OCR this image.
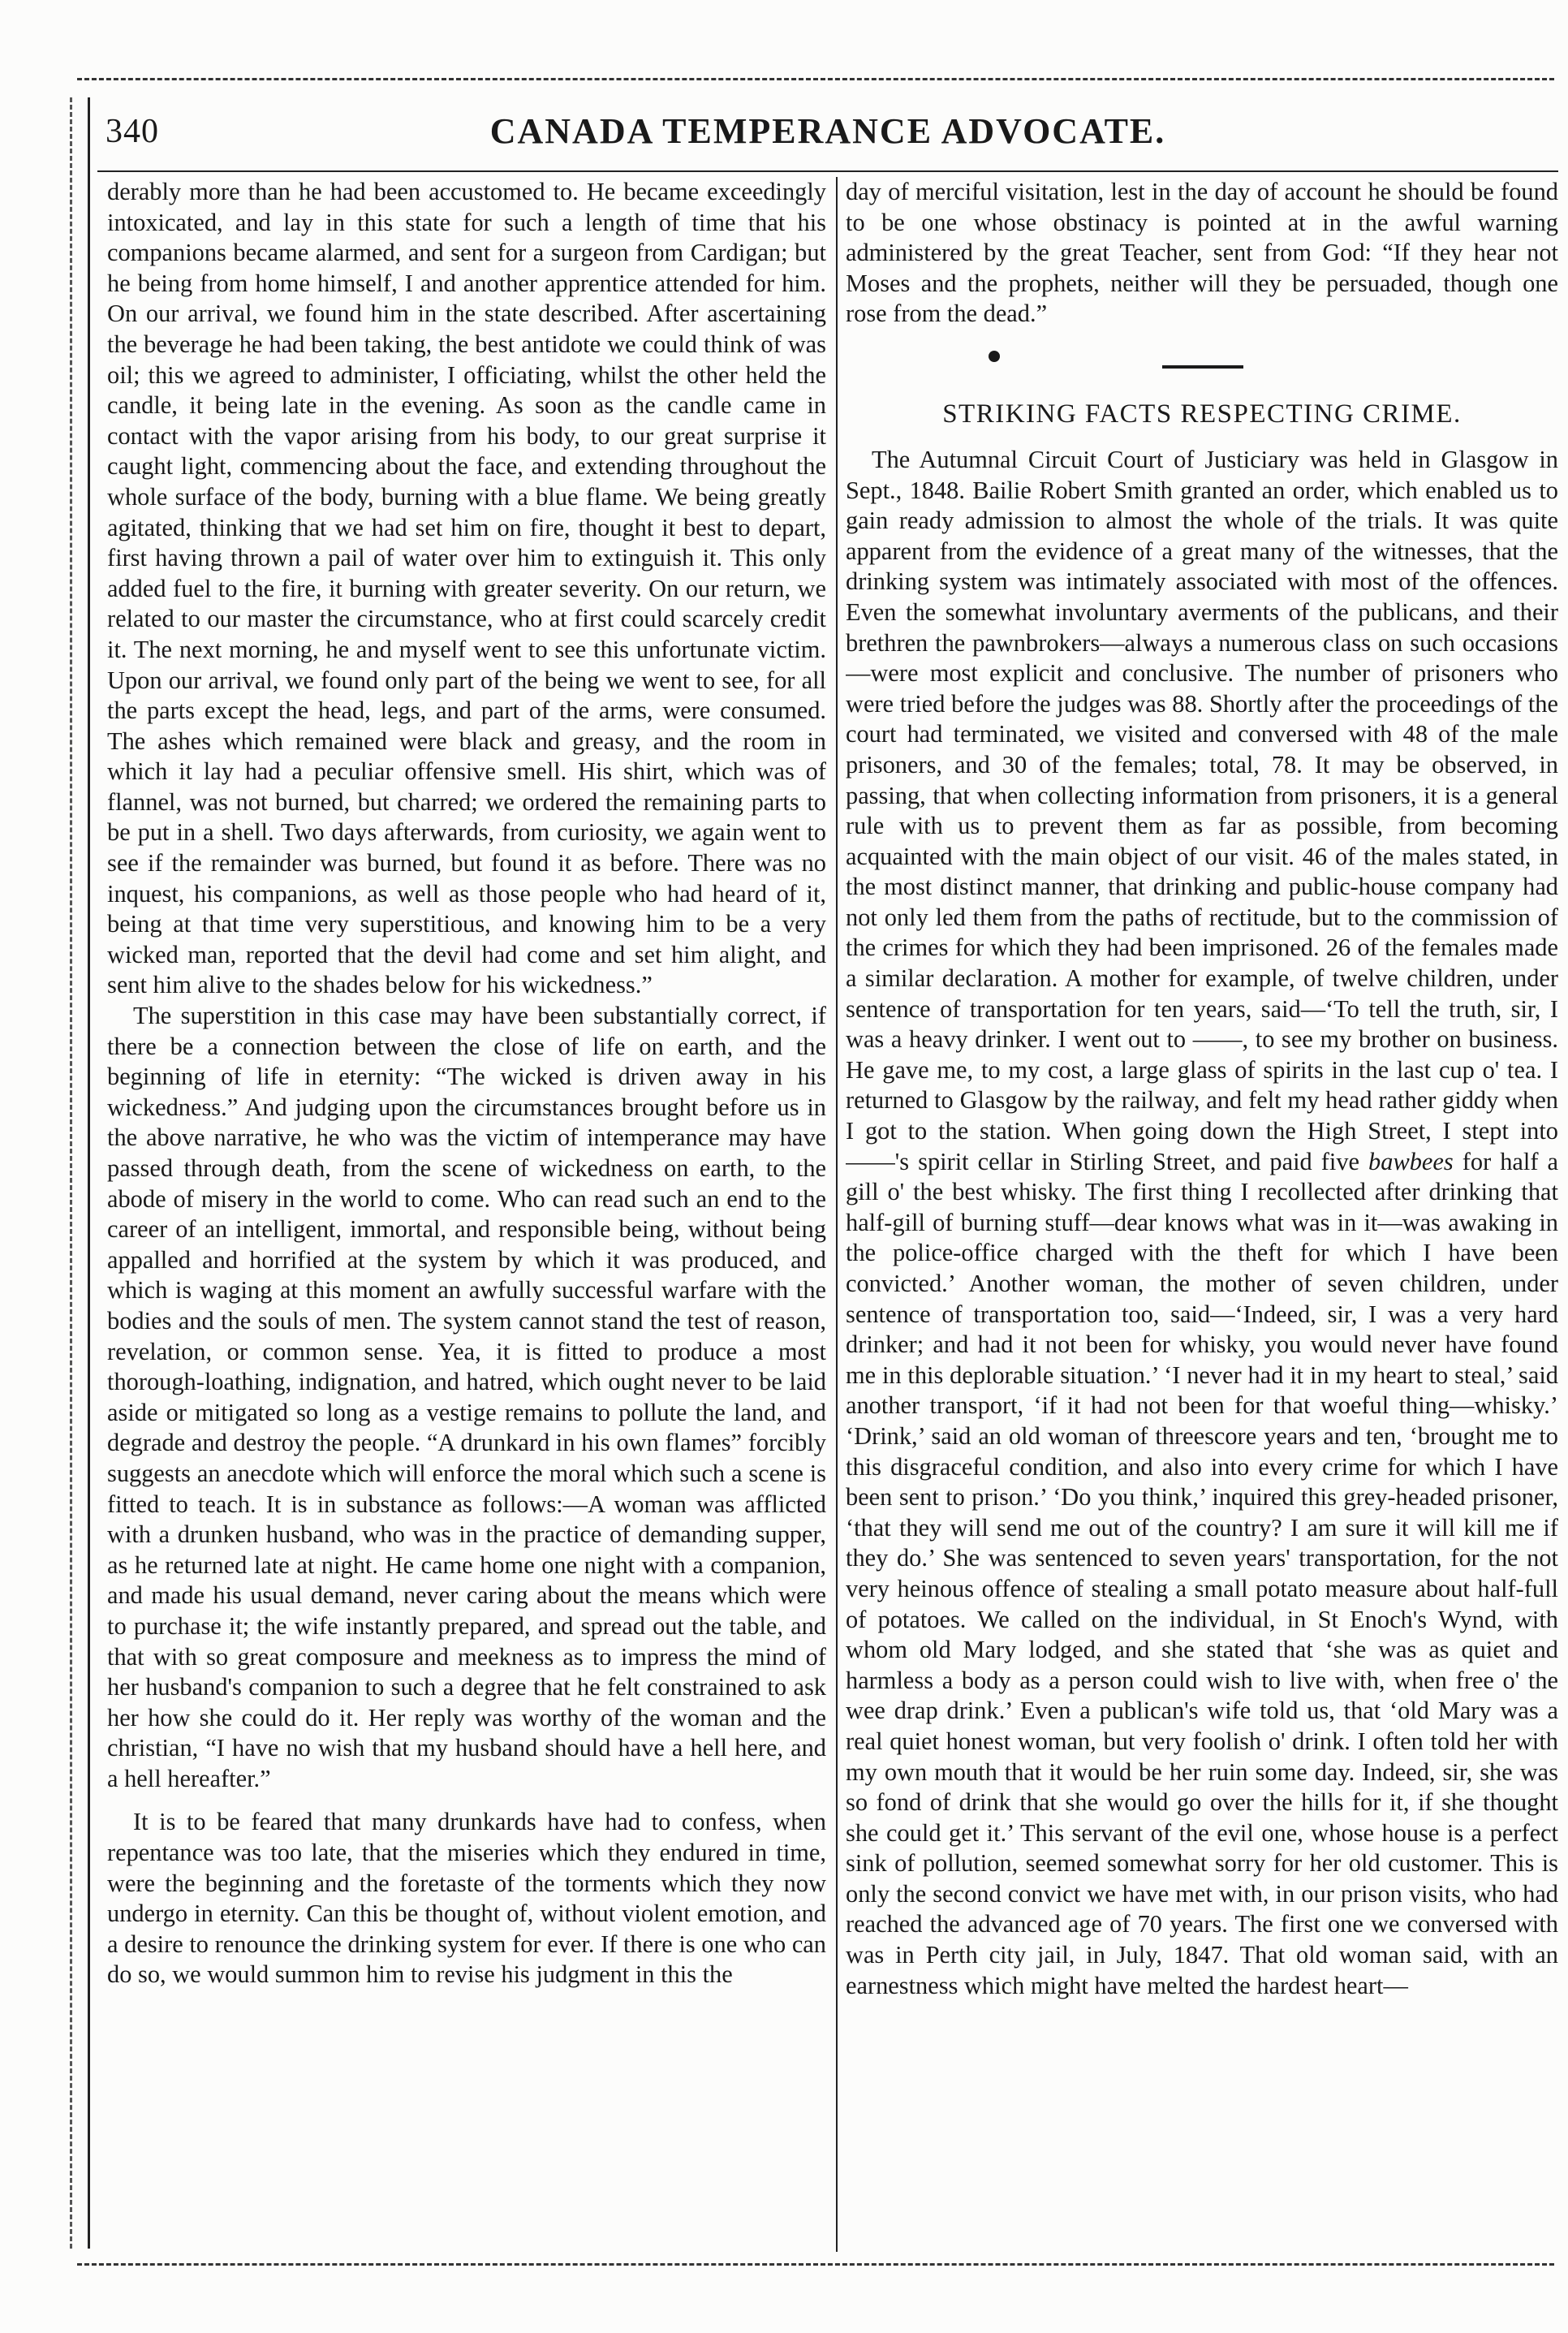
340	CANADA TEMPERANCE ADVOCATE.

derably more than he had been accustomed to. He became exceedingly intoxicated, and lay in this state for such a length of time that his companions became alarmed, and sent for a surgeon from Cardigan; but he being from home himself, I and another apprentice attended for him. On our arrival, we found him in the state described. After ascertaining the beverage he had been taking, the best antidote we could think of was oil; this we agreed to administer, I officiating, whilst the other held the candle, it being late in the evening. As soon as the candle came in contact with the vapor arising from his body, to our great surprise it caught light, commencing about the face, and extending throughout the whole surface of the body, burning with a blue flame. We being greatly agitated, thinking that we had set him on fire, thought it best to depart, first having thrown a pail of water over him to extinguish it. This only added fuel to the fire, it burning with greater severity. On our return, we related to our master the circumstance, who at first could scarcely credit it. The next morning, he and myself went to see this unfortunate victim. Upon our arrival, we found only part of the being we went to see, for all the parts except the head, legs, and part of the arms, were consumed. The ashes which remained were black and greasy, and the room in which it lay had a peculiar offensive smell. His shirt, which was of flannel, was not burned, but charred; we ordered the remaining parts to be put in a shell. Two days afterwards, from curiosity, we again went to see if the remainder was burned, but found it as before. There was no inquest, his companions, as well as those people who had heard of it, being at that time very superstitious, and knowing him to be a very wicked man, reported that the devil had come and set him alight, and sent him alive to the shades below for his wickedness.”

The superstition in this case may have been substantially correct, if there be a connection between the close of life on earth, and the beginning of life in eternity: “The wicked is driven away in his wickedness.” And judging upon the circumstances brought before us in the above narrative, he who was the victim of intemperance may have passed through death, from the scene of wickedness on earth, to the abode of misery in the world to come. Who can read such an end to the career of an intelligent, immortal, and responsible being, without being appalled and horrified at the system by which it was produced, and which is waging at this moment an awfully successful warfare with the bodies and the souls of men. The system cannot stand the test of reason, revelation, or common sense. Yea, it is fitted to produce a most thorough-loathing, indignation, and hatred, which ought never to be laid aside or mitigated so long as a vestige remains to pollute the land, and degrade and destroy the people. “A drunkard in his own flames” forcibly suggests an anecdote which will enforce the moral which such a scene is fitted to teach. It is in substance as follows:—A woman was afflicted with a drunken husband, who was in the practice of demanding supper, as he returned late at night. He came home one night with a companion, and made his usual demand, never caring about the means which were to purchase it; the wife instantly prepared, and spread out the table, and that with so great composure and meekness as to impress the mind of her husband's companion to such a degree that he felt constrained to ask her how she could do it. Her reply was worthy of the woman and the christian, “I have no wish that my husband should have a hell here, and a hell hereafter.”

It is to be feared that many drunkards have had to confess, when repentance was too late, that the miseries which they endured in time, were the beginning and the foretaste of the torments which they now undergo in eternity. Can this be thought of, without violent emotion, and a desire to renounce the drinking system for ever. If there is one who can do so, we would summon him to revise his judgment in this the

day of merciful visitation, lest in the day of account he should be found to be one whose obstinacy is pointed at in the awful warning administered by the great Teacher, sent from God: “If they hear not Moses and the prophets, neither will they be persuaded, though one rose from the dead.”

STRIKING FACTS RESPECTING CRIME.

The Autumnal Circuit Court of Justiciary was held in Glasgow in Sept., 1848. Bailie Robert Smith granted an order, which enabled us to gain ready admission to almost the whole of the trials. It was quite apparent from the evidence of a great many of the witnesses, that the drinking system was intimately associated with most of the offences. Even the somewhat involuntary averments of the publicans, and their brethren the pawnbrokers—always a numerous class on such occasions—were most explicit and conclusive. The number of prisoners who were tried before the judges was 88. Shortly after the proceedings of the court had terminated, we visited and conversed with 48 of the male prisoners, and 30 of the females; total, 78. It may be observed, in passing, that when collecting information from prisoners, it is a general rule with us to prevent them as far as possible, from becoming acquainted with the main object of our visit. 46 of the males stated, in the most distinct manner, that drinking and public-house company had not only led them from the paths of rectitude, but to the commission of the crimes for which they had been imprisoned. 26 of the females made a similar declaration. A mother for example, of twelve children, under sentence of transportation for ten years, said—‘To tell the truth, sir, I was a heavy drinker. I went out to ——, to see my brother on business. He gave me, to my cost, a large glass of spirits in the last cup o' tea. I returned to Glasgow by the railway, and felt my head rather giddy when I got to the station. When going down the High Street, I stept into ——'s spirit cellar in Stirling Street, and paid five bawbees for half a gill o' the best whisky. The first thing I recollected after drinking that half-gill of burning stuff—dear knows what was in it—was awaking in the police-office charged with the theft for which I have been convicted.’ Another woman, the mother of seven children, under sentence of transportation too, said—‘Indeed, sir, I was a very hard drinker; and had it not been for whisky, you would never have found me in this deplorable situation.’ ‘I never had it in my heart to steal,’ said another transport, ‘if it had not been for that woeful thing—whisky.’ ‘Drink,’ said an old woman of threescore years and ten, ‘brought me to this disgraceful condition, and also into every crime for which I have been sent to prison.’ ‘Do you think,’ inquired this grey-headed prisoner, ‘that they will send me out of the country? I am sure it will kill me if they do.’ She was sentenced to seven years' transportation, for the not very heinous offence of stealing a small potato measure about half-full of potatoes. We called on the individual, in St Enoch's Wynd, with whom old Mary lodged, and she stated that ‘she was as quiet and harmless a body as a person could wish to live with, when free o' the wee drap drink.’ Even a publican's wife told us, that ‘old Mary was a real quiet honest woman, but very foolish o' drink. I often told her with my own mouth that it would be her ruin some day. Indeed, sir, she was so fond of drink that she would go over the hills for it, if she thought she could get it.’ This servant of the evil one, whose house is a perfect sink of pollution, seemed somewhat sorry for her old customer. This is only the second convict we have met with, in our prison visits, who had reached the advanced age of 70 years. The first one we conversed with was in Perth city jail, in July, 1847. That old woman said, with an earnestness which might have melted the hardest heart—
